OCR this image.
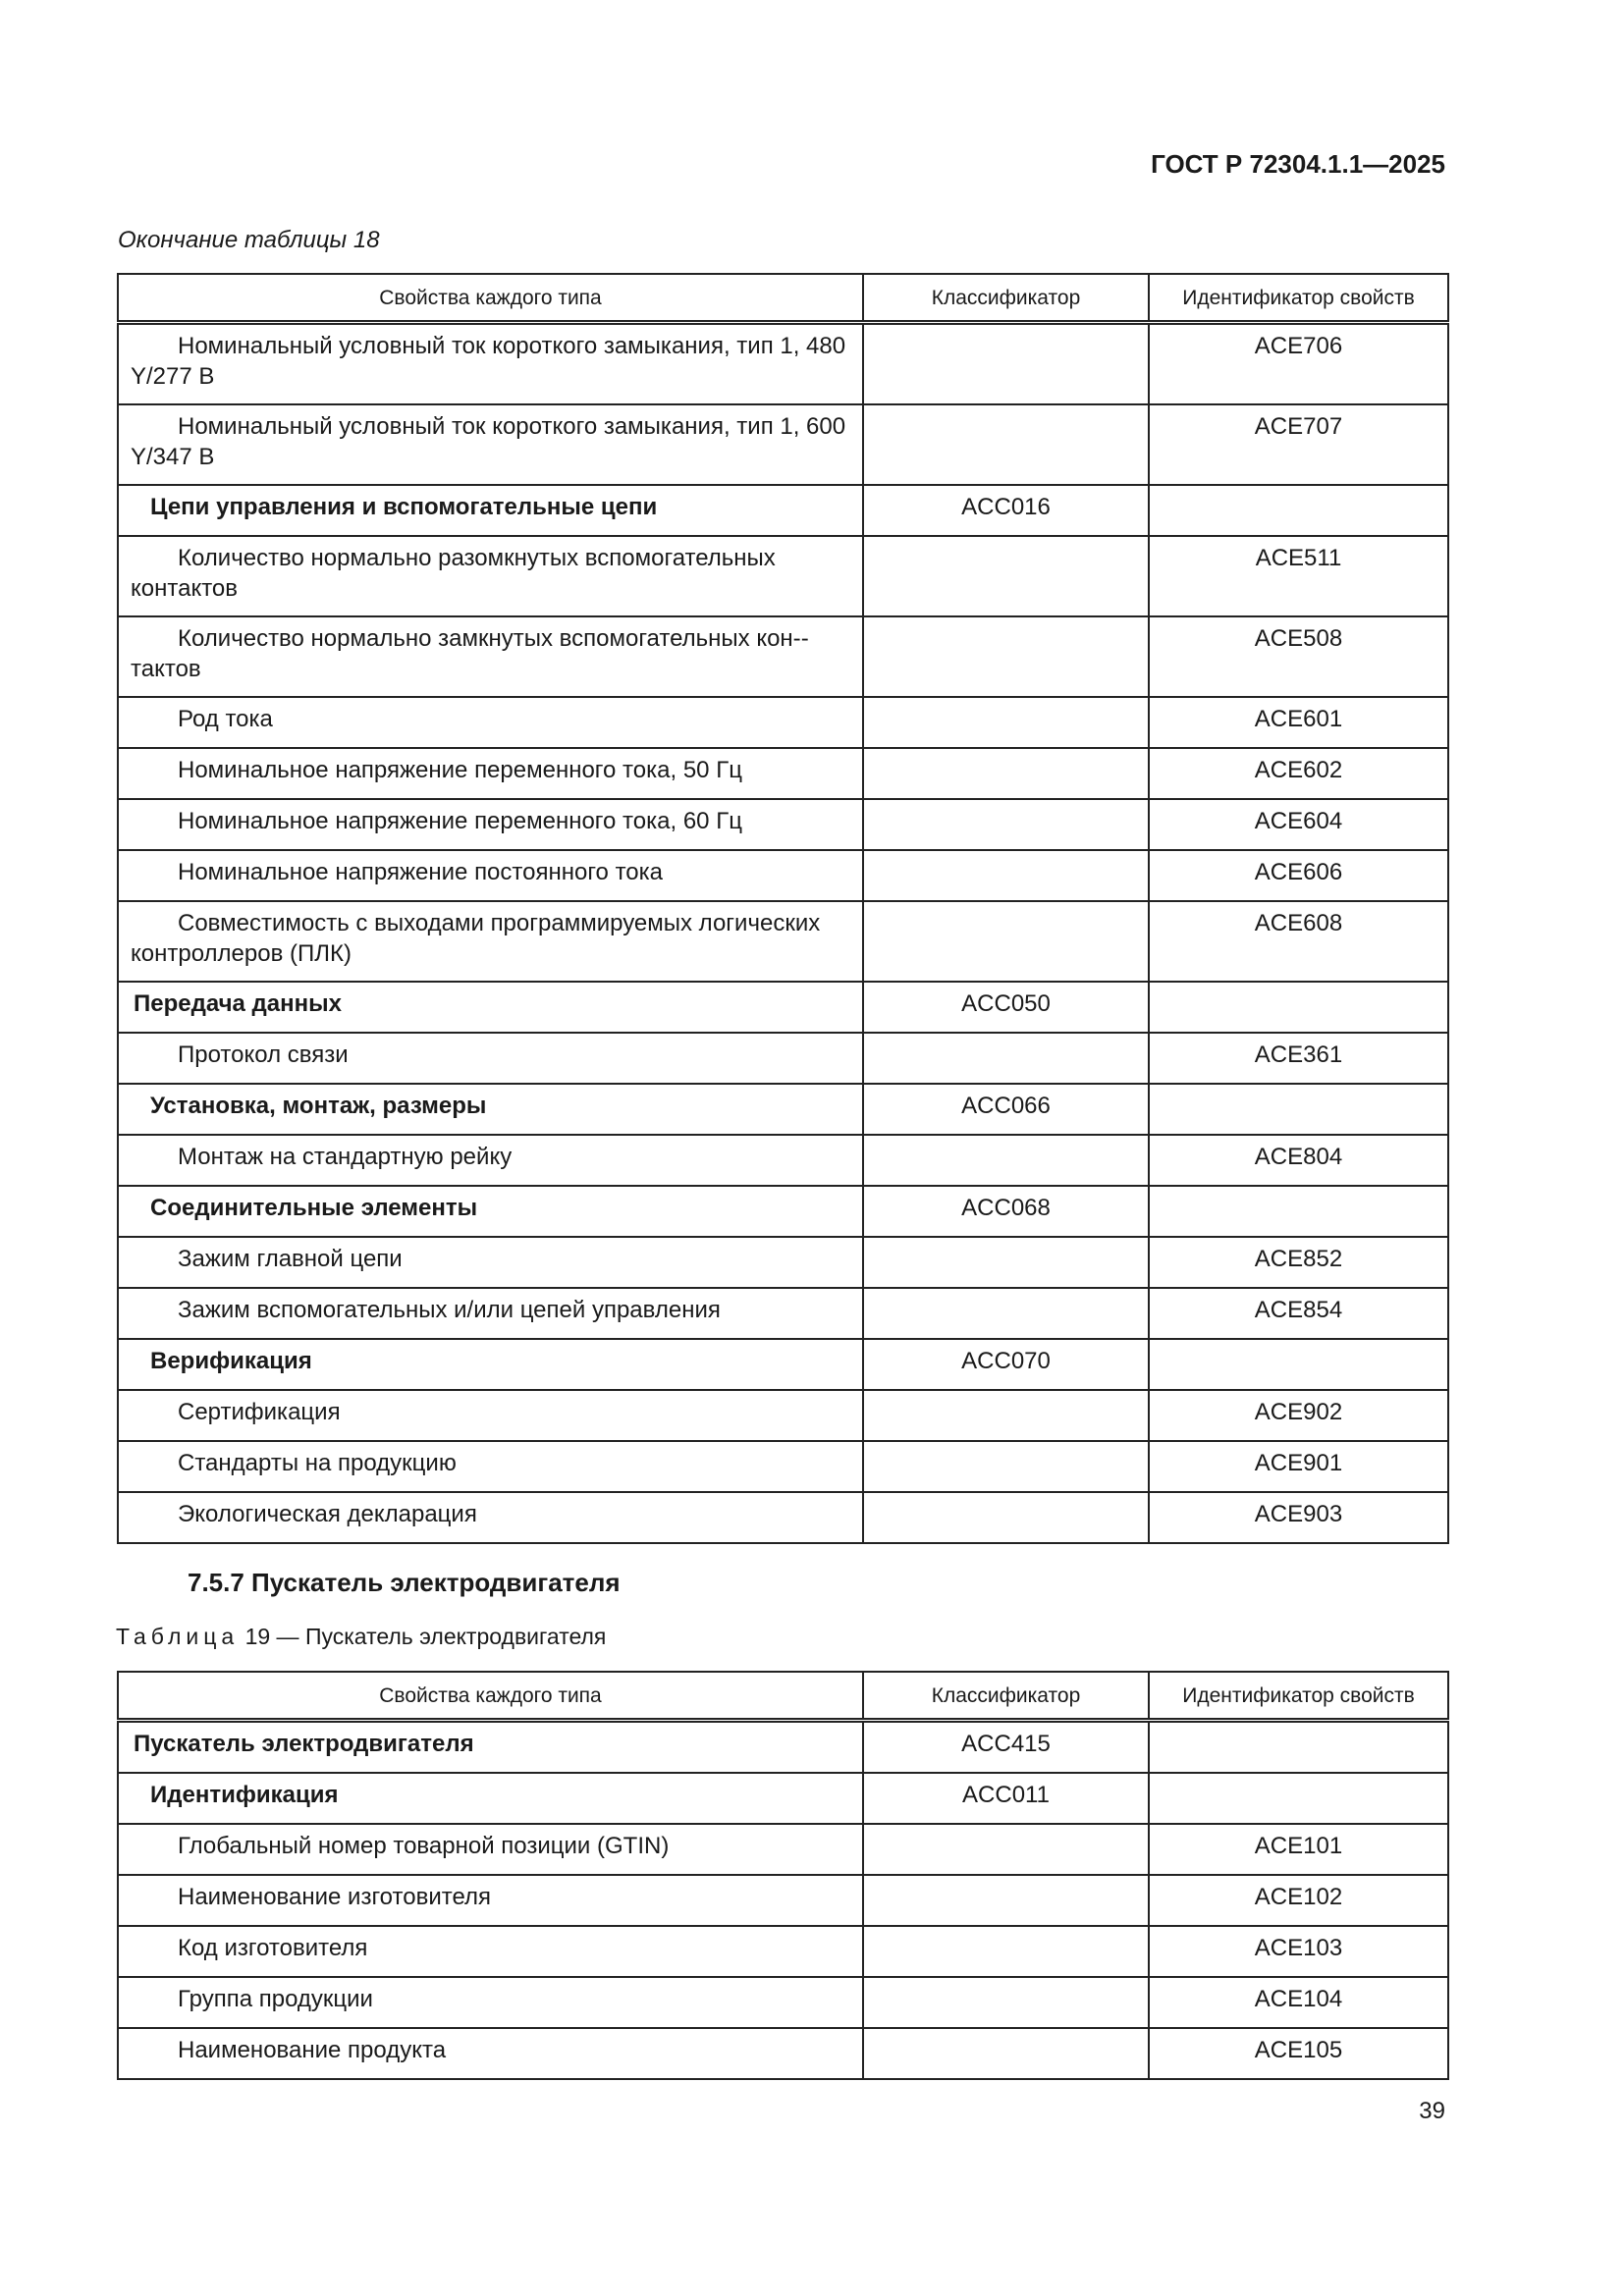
ГОСТ Р 72304.1.1—2025
Окончание таблицы 18
Свойства каждого типа	Классификатор	Идентификатор свойств
Номинальный условный ток короткого замыкания, тип 1, 480 Y/277 В		ACE706
Номинальный условный ток короткого замыкания, тип 1, 600 Y/347 В		ACE707
Цепи управления и вспомогательные цепи	ACC016	
Количество нормально разомкнутых вспомогательных контактов		ACE511
Количество нормально замкнутых вспомогательных кон-тактов		ACE508
Род тока		ACE601
Номинальное напряжение переменного тока, 50 Гц		ACE602
Номинальное напряжение переменного тока, 60 Гц		ACE604
Номинальное напряжение постоянного тока		ACE606
Совместимость с выходами программируемых логических контроллеров (ПЛК)		ACE608
Передача данных	ACC050	
Протокол связи		ACE361
Установка, монтаж, размеры	ACC066	
Монтаж на стандартную рейку		ACE804
Соединительные элементы	ACC068	
Зажим главной цепи		ACE852
Зажим вспомогательных и/или цепей управления		ACE854
Верификация	ACC070	
Сертификация		ACE902
Стандарты на продукцию		ACE901
Экологическая декларация		ACE903
7.5.7 Пускатель электродвигателя
Таблица 19 — Пускатель электродвигателя
Свойства каждого типа	Классификатор	Идентификатор свойств
Пускатель электродвигателя	ACC415	
Идентификация	ACC011	
Глобальный номер товарной позиции (GTIN)		ACE101
Наименование изготовителя		ACE102
Код изготовителя		ACE103
Группа продукции		ACE104
Наименование продукта		ACE105
39
